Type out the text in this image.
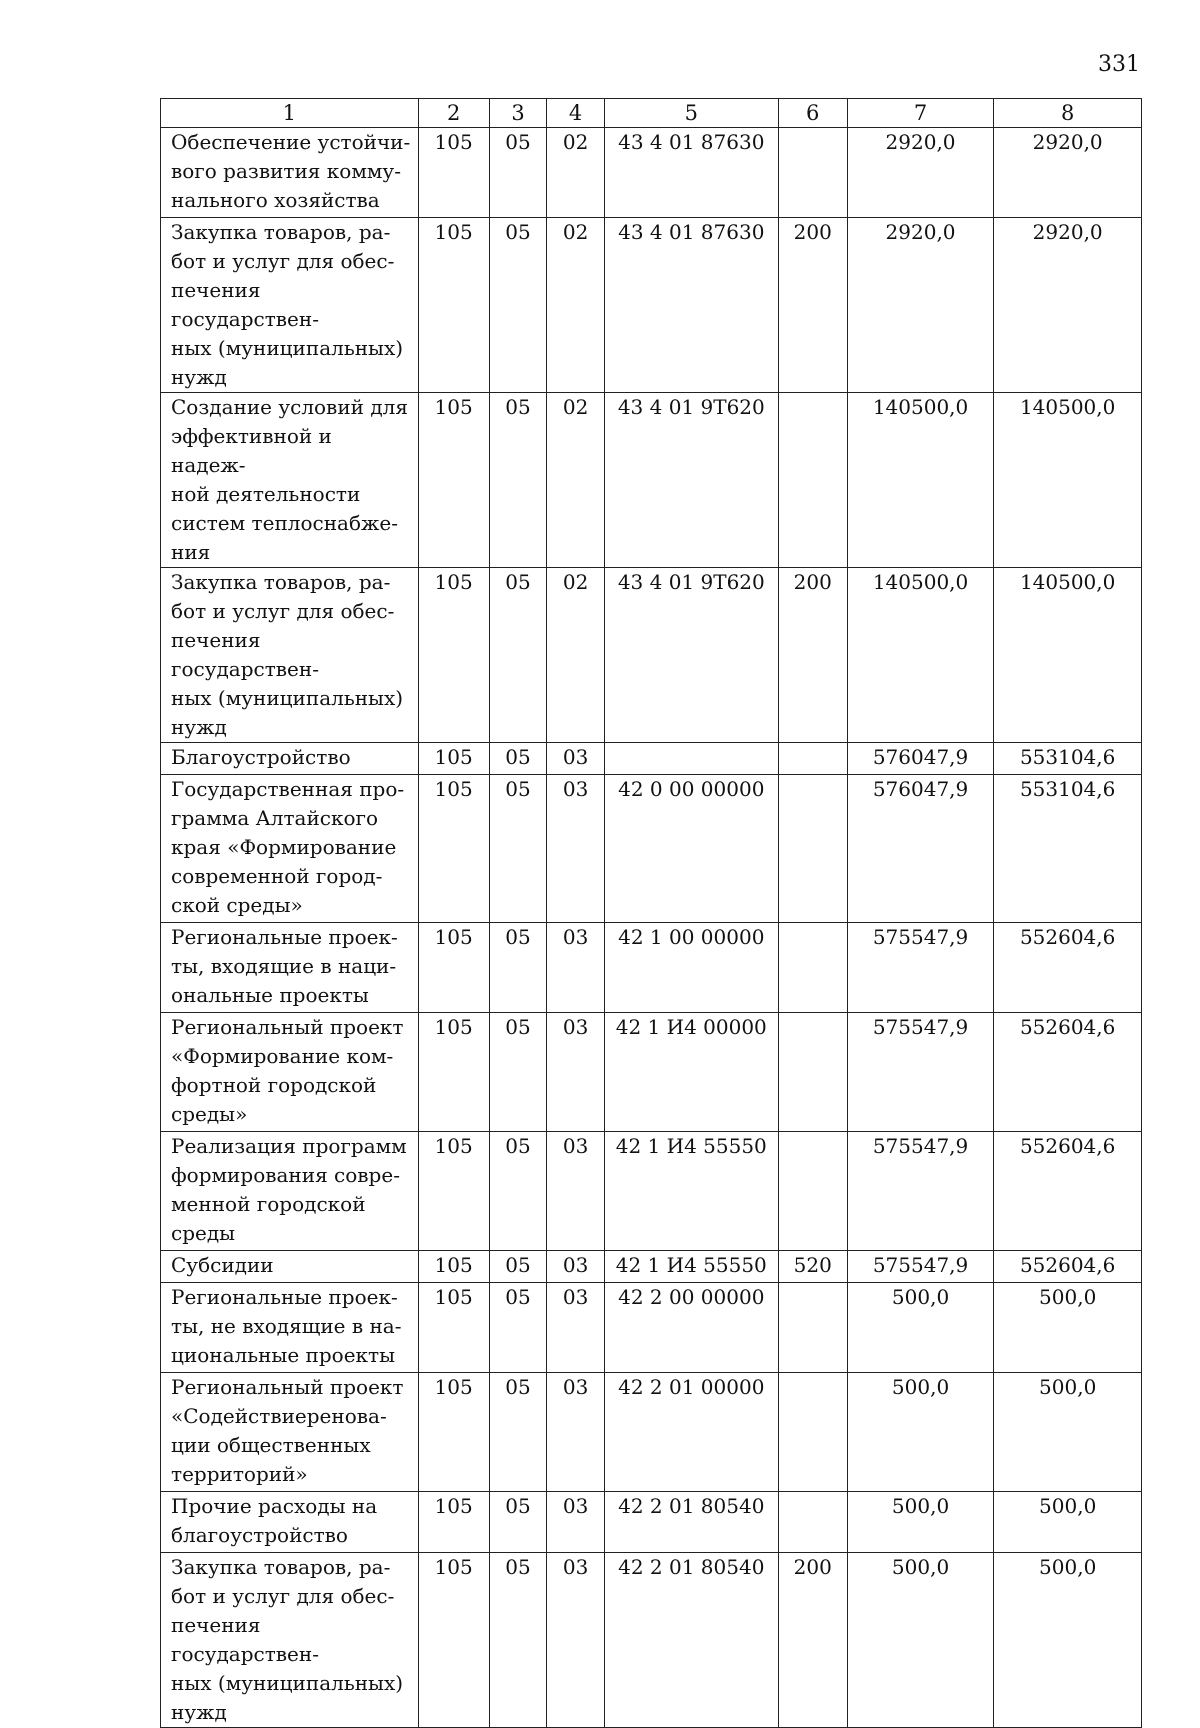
331
1	2	3	4	5	6	7	8

Обеспечение устойчи-
вого развития комму-
нального хозяйства	105	05	02	43 4 01 87630		2920,0	2920,0

Закупка товаров, ра-
бот и услуг для обес-
печения государствен-
ных (муниципальных)
нужд	105	05	02	43 4 01 87630	200	2920,0	2920,0

Создание условий для
эффективной и надеж-
ной деятельности
систем теплоснабже-
ния	105	05	02	43 4 01 9Т620		140500,0	140500,0

Закупка товаров, ра-
бот и услуг для обес-
печения государствен-
ных (муниципальных)
нужд	105	05	02	43 4 01 9Т620	200	140500,0	140500,0

Благоустройство	105	05	03			576047,9	553104,6

Государственная про-
грамма Алтайского
края «Формирование
современной город-
ской среды»	105	05	03	42 0 00 00000		576047,9	553104,6

Региональные проек-
ты, входящие в наци-
ональные проекты	105	05	03	42 1 00 00000		575547,9	552604,6

Региональный проект
«Формирование ком-
фортной городской
среды»	105	05	03	42 1 И4 00000		575547,9	552604,6

Реализация программ
формирования совре-
менной городской
среды	105	05	03	42 1 И4 55550		575547,9	552604,6

Субсидии	105	05	03	42 1 И4 55550	520	575547,9	552604,6

Региональные проек-
ты, не входящие в на-
циональные проекты	105	05	03	42 2 00 00000		500,0	500,0

Региональный проект
«Содействиеренова-
ции общественных
территорий»	105	05	03	42 2 01 00000		500,0	500,0

Прочие расходы на
благоустройство	105	05	03	42 2 01 80540		500,0	500,0

Закупка товаров, ра-
бот и услуг для обес-
печения государствен-
ных (муниципальных)
нужд	105	05	03	42 2 01 80540	200	500,0	500,0
